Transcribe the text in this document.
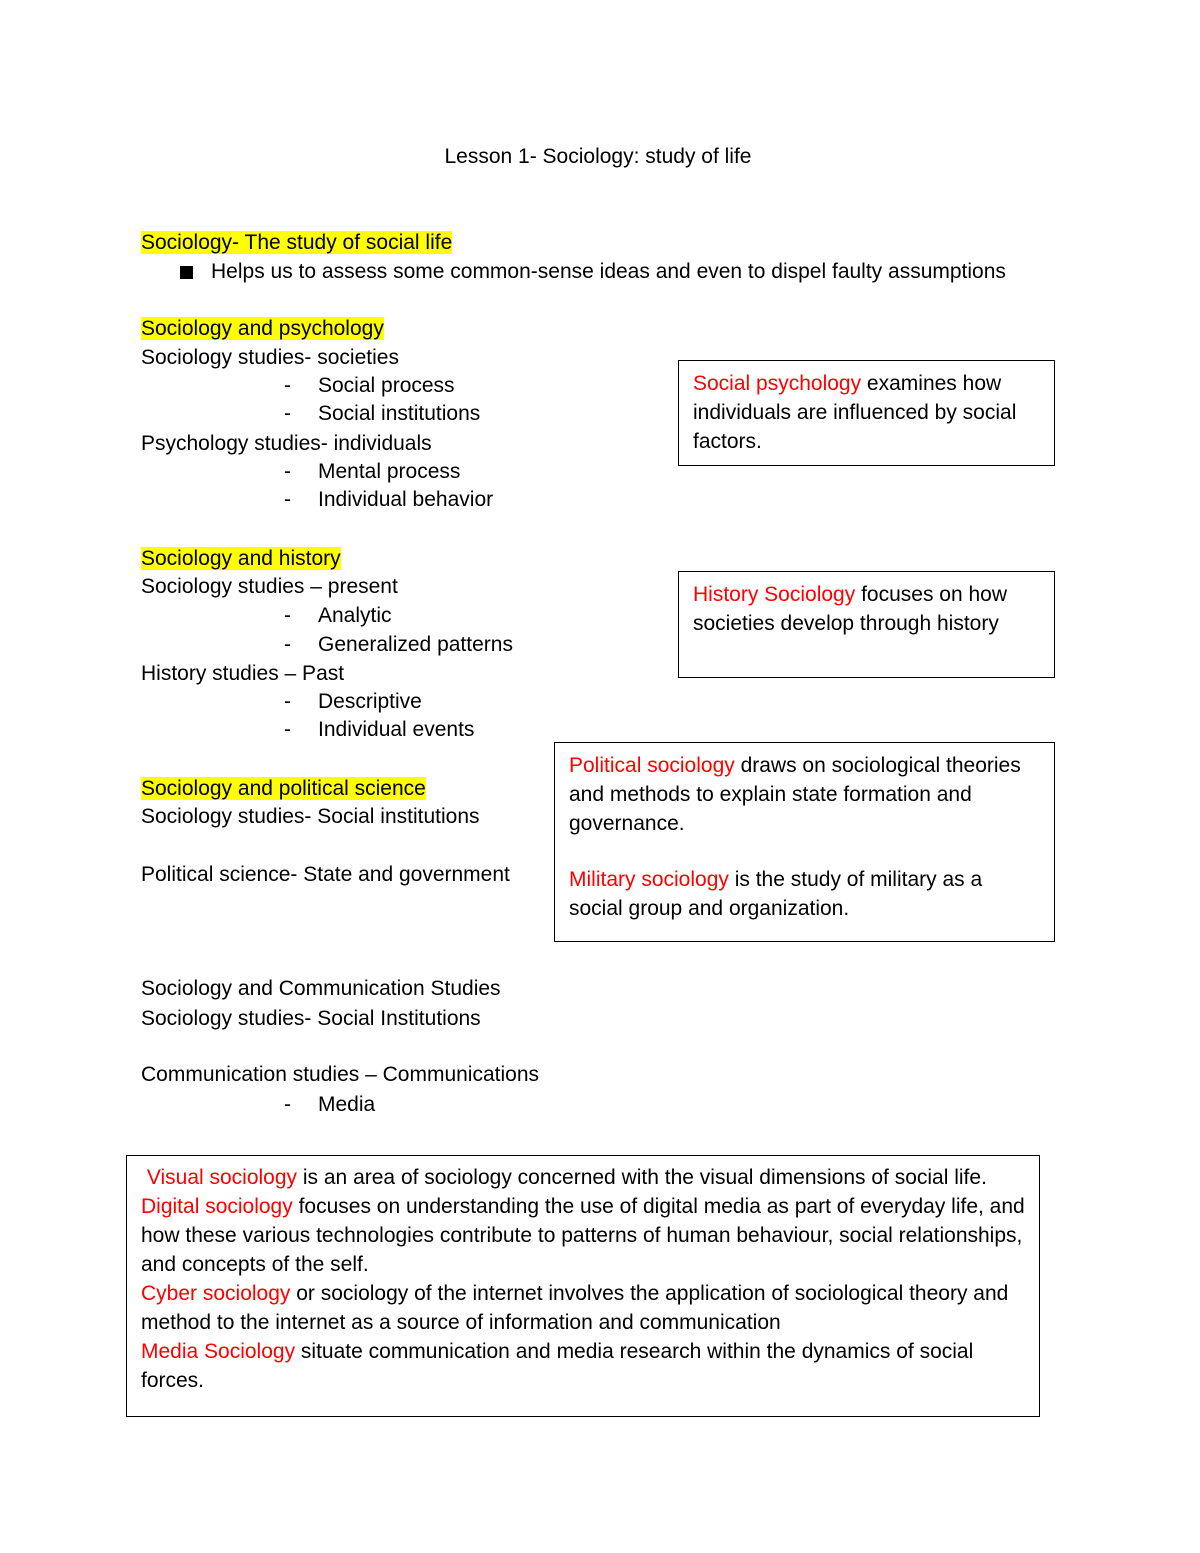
Lesson 1- Sociology: study of life
Sociology- The study of social life
Helps us to assess some common-sense ideas and even to dispel faulty assumptions
Sociology and psychology
Sociology studies- societies
- Social process
- Social institutions
Psychology studies- individuals
- Mental process
- Individual behavior
Sociology and history
Sociology studies – present
- Analytic
- Generalized patterns
History studies – Past
- Descriptive
- Individual events
Sociology and political science
Sociology studies- Social institutions
Political science- State and government
Sociology and Communication Studies
Sociology studies- Social Institutions
Communication studies – Communications
- Media

Social psychology examines how individuals are influenced by social factors.

History Sociology focuses on how societies develop through history

Political sociology draws on sociological theories and methods to explain state formation and governance.

Military sociology is the study of military as a social group and organization.

Visual sociology is an area of sociology concerned with the visual dimensions of social life.

Digital sociology focuses on understanding the use of digital media as part of everyday life, and how these various technologies contribute to patterns of human behaviour, social relationships, and concepts of the self.

Cyber sociology or sociology of the internet involves the application of sociological theory and method to the internet as a source of information and communication

Media Sociology situate communication and media research within the dynamics of social forces.
